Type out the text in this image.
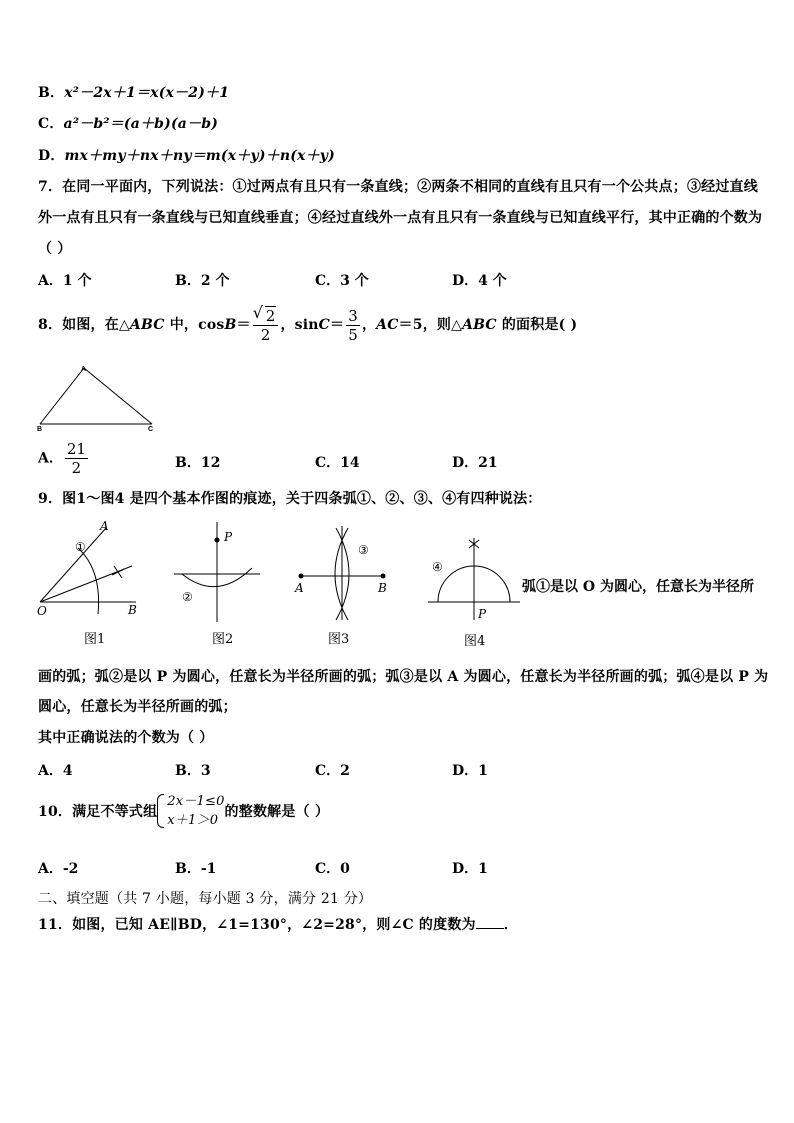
B．x²－2x＋1＝x(x－2)＋1
C．a²－b²＝(a＋b)(a－b)
D．mx＋my＋nx＋ny＝m(x＋y)＋n(x＋y)
7．在同一平面内，下列说法：①过两点有且只有一条直线；②两条不相同的直线有且只有一个公共点；③经过直线
外一点有且只有一条直线与已知直线垂直；④经过直线外一点有且只有一条直线与已知直线平行，其中正确的个数为
（ ）
A．1 个	B．2 个	C．3 个	D．4 个
8．如图，在△ABC 中，cosB＝
√ $\frac{2}{2}$ ，$\sin C= \frac{3}{5}$ ，AC＝5，则△ABC 的面积是( )
A
B	C
A． $\frac{21}{2}$	B．12	C．14	D．21
9．图1～图4 是四个基本作图的痕迹，关于四条弧①、②、③、④有四种说法：
A
O	B
①
图1
P
②
图2
③
A	B
图3
④
P
图4
弧①是以 O 为圆心，任意长为半径所
画的弧；弧②是以 P 为圆心，任意长为半径所画的弧；弧③是以 A 为圆心，任意长为半径所画的弧；弧④是以 P 为
圆心，任意长为半径所画的弧；
其中正确说法的个数为（ ）
A．4	B．3	C．2	D．1
10．满足不等式组
2x－1≤0
x＋1＞0
的整数解是（ ）
A．-2	B．-1	C．0	D．1
二、填空题（共 7 小题，每小题 3 分，满分 21 分）
11．如图，已知 AE∥BD，∠1=130°，∠2=28°，则∠C 的度数为 ．
